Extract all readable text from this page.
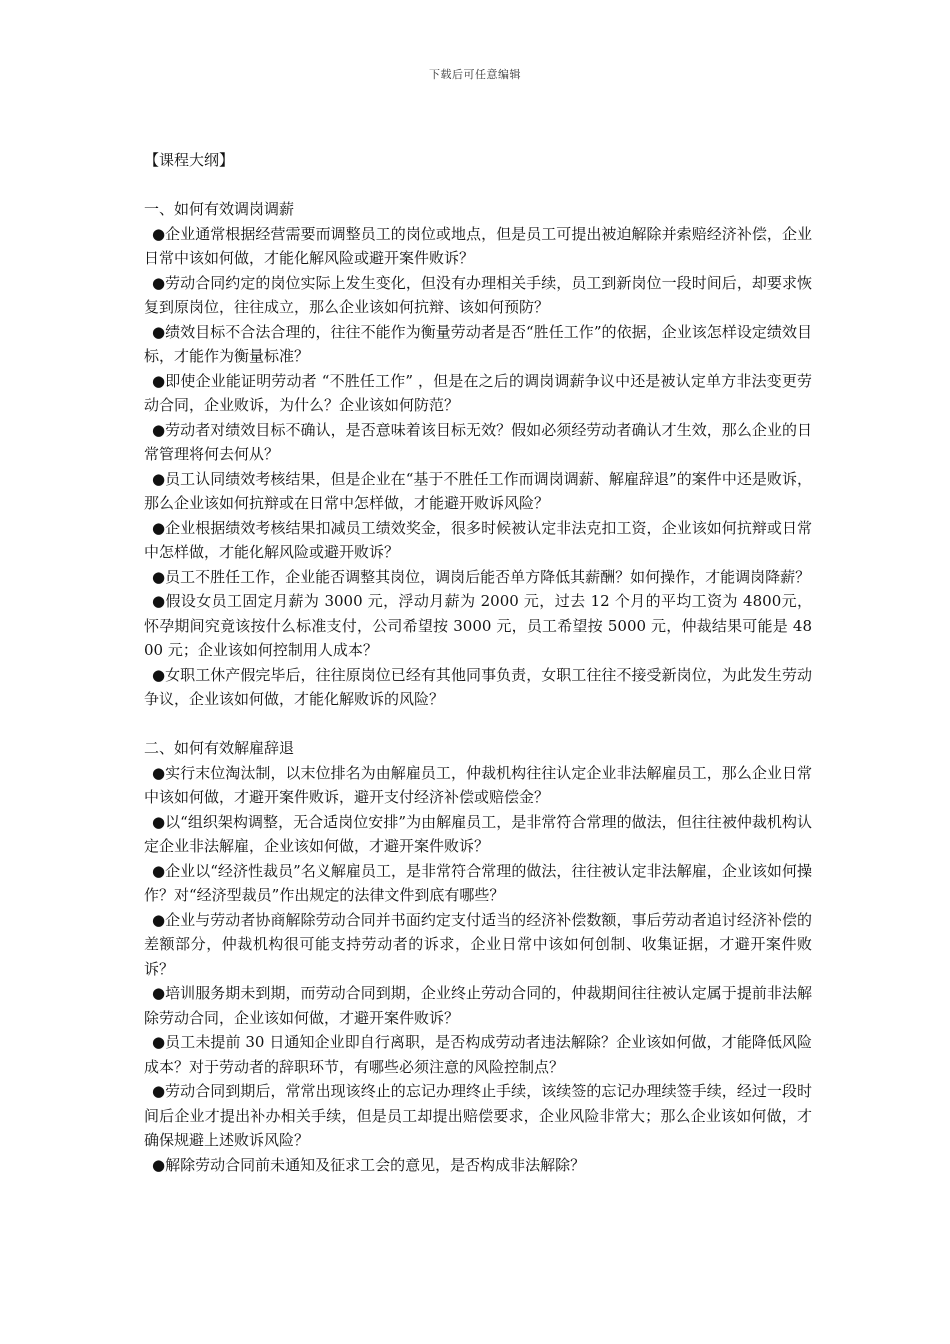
下载后可任意编辑

【课程大纲】

一、如何有效调岗调薪

●企业通常根据经营需要而调整员工的岗位或地点，但是员工可提出被迫解除并索赔经济补偿，企业日常中该如何做，才能化解风险或避开案件败诉？

●劳动合同约定的岗位实际上发生变化，但没有办理相关手续，员工到新岗位一段时间后，却要求恢复到原岗位，往往成立，那么企业该如何抗辩、该如何预防？

●绩效目标不合法合理的，往往不能作为衡量劳动者是否“胜任工作”的依据，企业该怎样设定绩效目标，才能作为衡量标准？

●即使企业能证明劳动者 “不胜任工作” ，但是在之后的调岗调薪争议中还是被认定单方非法变更劳动合同，企业败诉，为什么？企业该如何防范？

●劳动者对绩效目标不确认，是否意味着该目标无效？假如必须经劳动者确认才生效，那么企业的日常管理将何去何从？

●员工认同绩效考核结果，但是企业在“基于不胜任工作而调岗调薪、解雇辞退”的案件中还是败诉，那么企业该如何抗辩或在日常中怎样做，才能避开败诉风险？

●企业根据绩效考核结果扣减员工绩效奖金，很多时候被认定非法克扣工资，企业该如何抗辩或日常中怎样做，才能化解风险或避开败诉？

●员工不胜任工作，企业能否调整其岗位，调岗后能否单方降低其薪酬？如何操作，才能调岗降薪？

●假设女员工固定月薪为 3000 元，浮动月薪为 2000 元，过去 12 个月的平均工资为 4800元，怀孕期间究竟该按什么标准支付，公司希望按 3000 元，员工希望按 5000 元，仲裁结果可能是 4800 元；企业该如何控制用人成本？

●女职工休产假完毕后，往往原岗位已经有其他同事负责，女职工往往不接受新岗位，为此发生劳动争议，企业该如何做，才能化解败诉的风险？

二、如何有效解雇辞退

●实行末位淘汰制，以末位排名为由解雇员工，仲裁机构往往认定企业非法解雇员工，那么企业日常中该如何做，才避开案件败诉，避开支付经济补偿或赔偿金？

●以“组织架构调整，无合适岗位安排”为由解雇员工，是非常符合常理的做法，但往往被仲裁机构认定企业非法解雇，企业该如何做，才避开案件败诉？

●企业以“经济性裁员”名义解雇员工，是非常符合常理的做法，往往被认定非法解雇，企业该如何操作？对“经济型裁员”作出规定的法律文件到底有哪些？

●企业与劳动者协商解除劳动合同并书面约定支付适当的经济补偿数额，事后劳动者追讨经济补偿的差额部分，仲裁机构很可能支持劳动者的诉求，企业日常中该如何创制、收集证据，才避开案件败诉？

●培训服务期未到期，而劳动合同到期，企业终止劳动合同的，仲裁期间往往被认定属于提前非法解除劳动合同，企业该如何做，才避开案件败诉？

●员工未提前 30 日通知企业即自行离职，是否构成劳动者违法解除？企业该如何做，才能降低风险成本？对于劳动者的辞职环节，有哪些必须注意的风险控制点？

●劳动合同到期后，常常出现该终止的忘记办理终止手续，该续签的忘记办理续签手续，经过一段时间后企业才提出补办相关手续，但是员工却提出赔偿要求，企业风险非常大；那么企业该如何做，才确保规避上述败诉风险？

●解除劳动合同前未通知及征求工会的意见，是否构成非法解除？
